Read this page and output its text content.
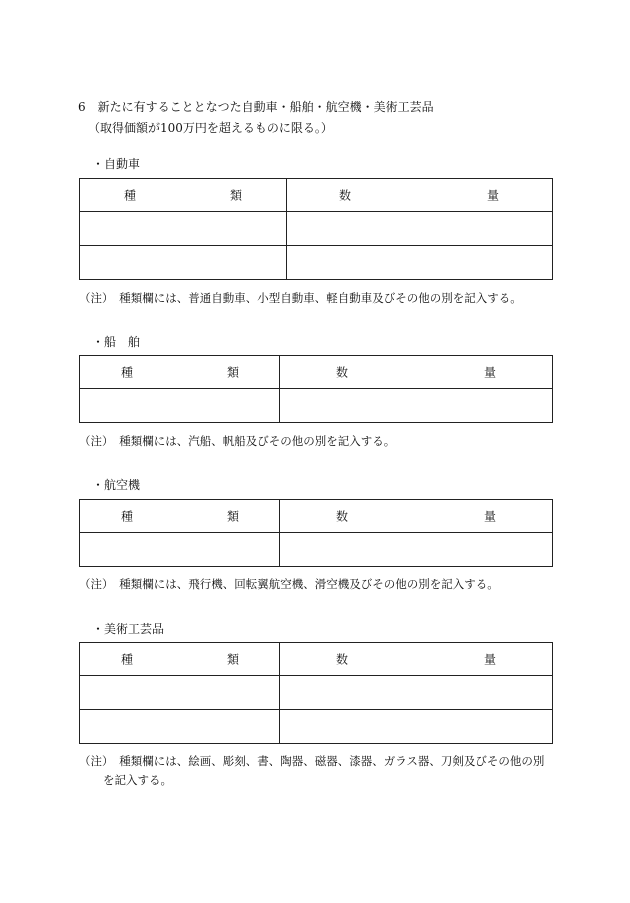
6　新たに有することとなつた自動車・船舶・航空機・美術工芸品
（取得価額が100万円を超えるものに限る。）
・自動車
種 類	数 量

（注）　種類欄には、普通自動車、小型自動車、軽自動車及びその他の別を記入する。
・船　舶
種 類	数 量

（注）　種類欄には、汽船、帆船及びその他の別を記入する。
・航空機
種 類	数 量

（注）　種類欄には、飛行機、回転翼航空機、滑空機及びその他の別を記入する。
・美術工芸品
種 類	数 量

（注）　種類欄には、絵画、彫刻、書、陶器、磁器、漆器、ガラス器、刀剣及びその他の別
を記入する。
